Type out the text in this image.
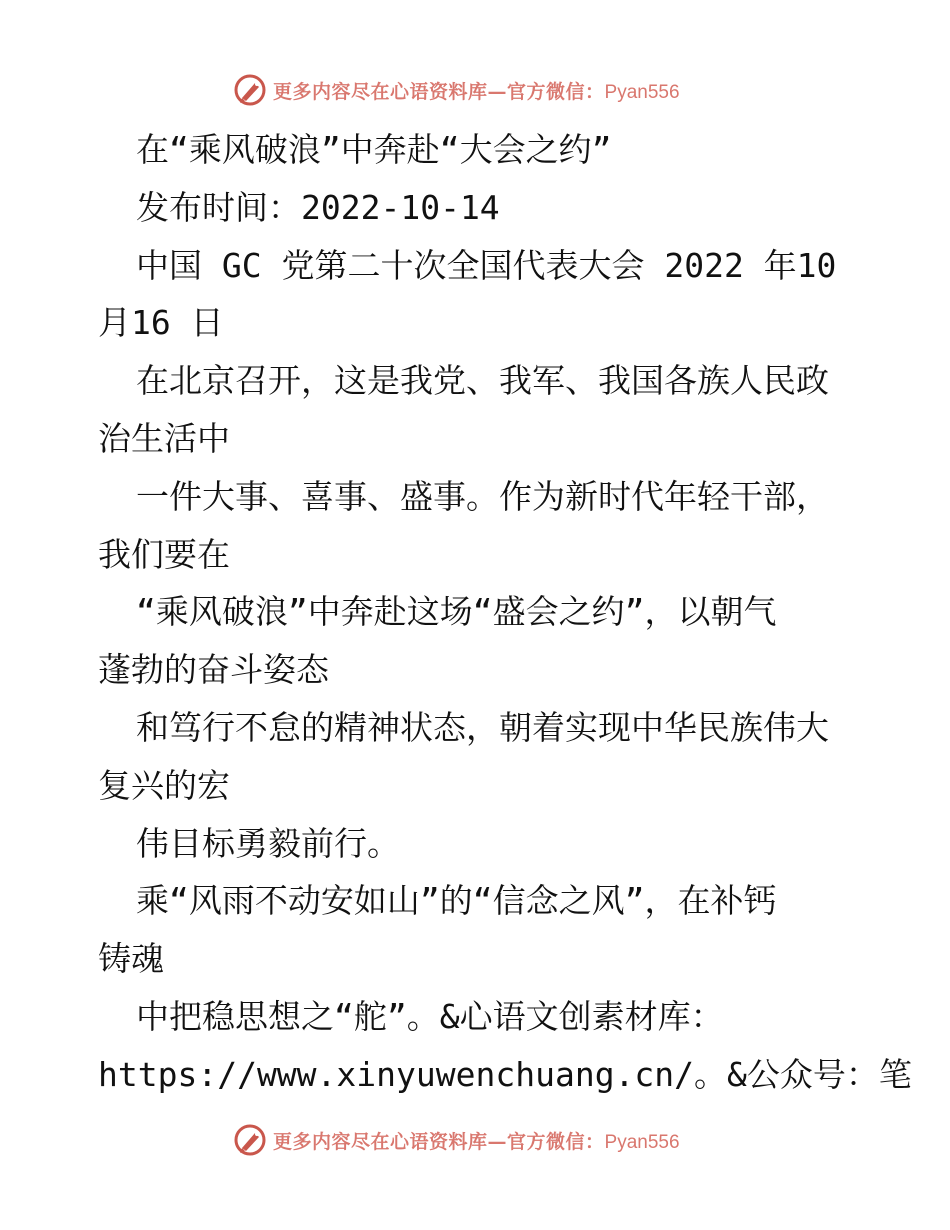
更多内容尽在心语资料库—官方微信：Pyan556
在“乘风破浪”中奔赴“大会之约”
发布时间：2022-10-14
中国 GC 党第二十次全国代表大会 2022 年10
月16 日
在北京召开，这是我党、我军、我国各族人民政
治生活中
一件大事、喜事、盛事。作为新时代年轻干部，
我们要在
“乘风破浪”中奔赴这场“盛会之约”，以朝气
蓬勃的奋斗姿态
和笃行不怠的精神状态，朝着实现中华民族伟大
复兴的宏
伟目标勇毅前行。
乘“风雨不动安如山”的“信念之风”，在补钙
铸魂
中把稳思想之“舵”。&心语文创素材库：
https://www.xinyuwenchuang.cn/。&公众号：笔
更多内容尽在心语资料库—官方微信：Pyan556
